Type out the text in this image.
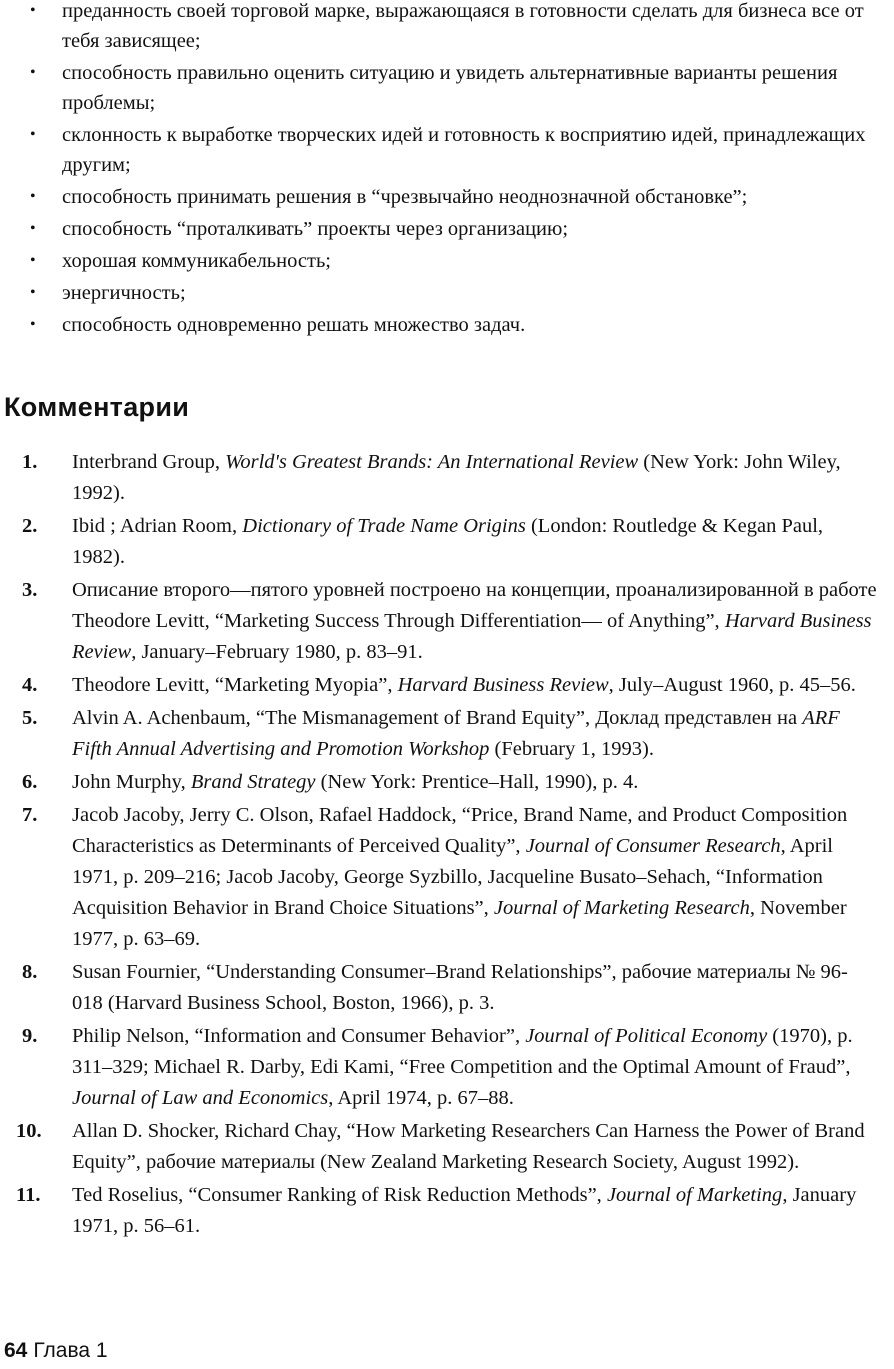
• преданность своей торговой марке, выражающаяся в готовности сделать для бизнеса все от тебя зависящее;
• способность правильно оценить ситуацию и увидеть альтернативные варианты решения проблемы;
• склонность к выработке творческих идей и готовность к восприятию идей, принадлежащих другим;
• способность принимать решения в “чрезвычайно неоднозначной обстановке”;
• способность “проталкивать” проекты через организацию;
• хорошая коммуникабельность;
• энергичность;
• способность одновременно решать множество задач.
Комментарии
1.	Interbrand Group, World's Greatest Brands: An International Review (New York: John Wiley, 1992).
2.	Ibid ; Adrian Room, Dictionary of Trade Name Origins (London: Routledge & Kegan Paul, 1982).
3.	Описание второго—пятого уровней построено на концепции, проанализированной в работе Theodore Levitt, “Marketing Success Through Differentiation— of Anything”, Harvard Business Review, January–February 1980, p. 83–91.
4.	Theodore Levitt, “Marketing Myopia”, Harvard Business Review, July–August 1960, p. 45–56.
5.	Alvin A. Achenbaum, “The Mismanagement of Brand Equity”, Доклад представлен на ARF Fifth Annual Advertising and Promotion Workshop (February 1, 1993).
6.	John Murphy, Brand Strategy (New York: Prentice–Hall, 1990), p. 4.
7.	Jacob Jacoby, Jerry C. Olson, Rafael Haddock, “Price, Brand Name, and Product Composition Characteristics as Determinants of Perceived Quality”, Journal of Consumer Research, April 1971, p. 209–216; Jacob Jacoby, George Syzbillo, Jacqueline Busato–Sehach, “Information Acquisition Behavior in Brand Choice Situations”, Journal of Marketing Research, November 1977, p. 63–69.
8.	Susan Fournier, “Understanding Consumer–Brand Relationships”, рабочие материалы № 96-018 (Harvard Business School, Boston, 1966), p. 3.
9.	Philip Nelson, “Information and Consumer Behavior”, Journal of Political Economy (1970), p. 311–329; Michael R. Darby, Edi Kami, “Free Competition and the Optimal Amount of Fraud”, Journal of Law and Economics, April 1974, p. 67–88.
10.	Allan D. Shocker, Richard Chay, “How Marketing Researchers Can Harness the Power of Brand Equity”, рабочие материалы (New Zealand Marketing Research Society, August 1992).
11.	Ted Roselius, “Consumer Ranking of Risk Reduction Methods”, Journal of Marketing, January 1971, p. 56–61.
64 Глава 1
